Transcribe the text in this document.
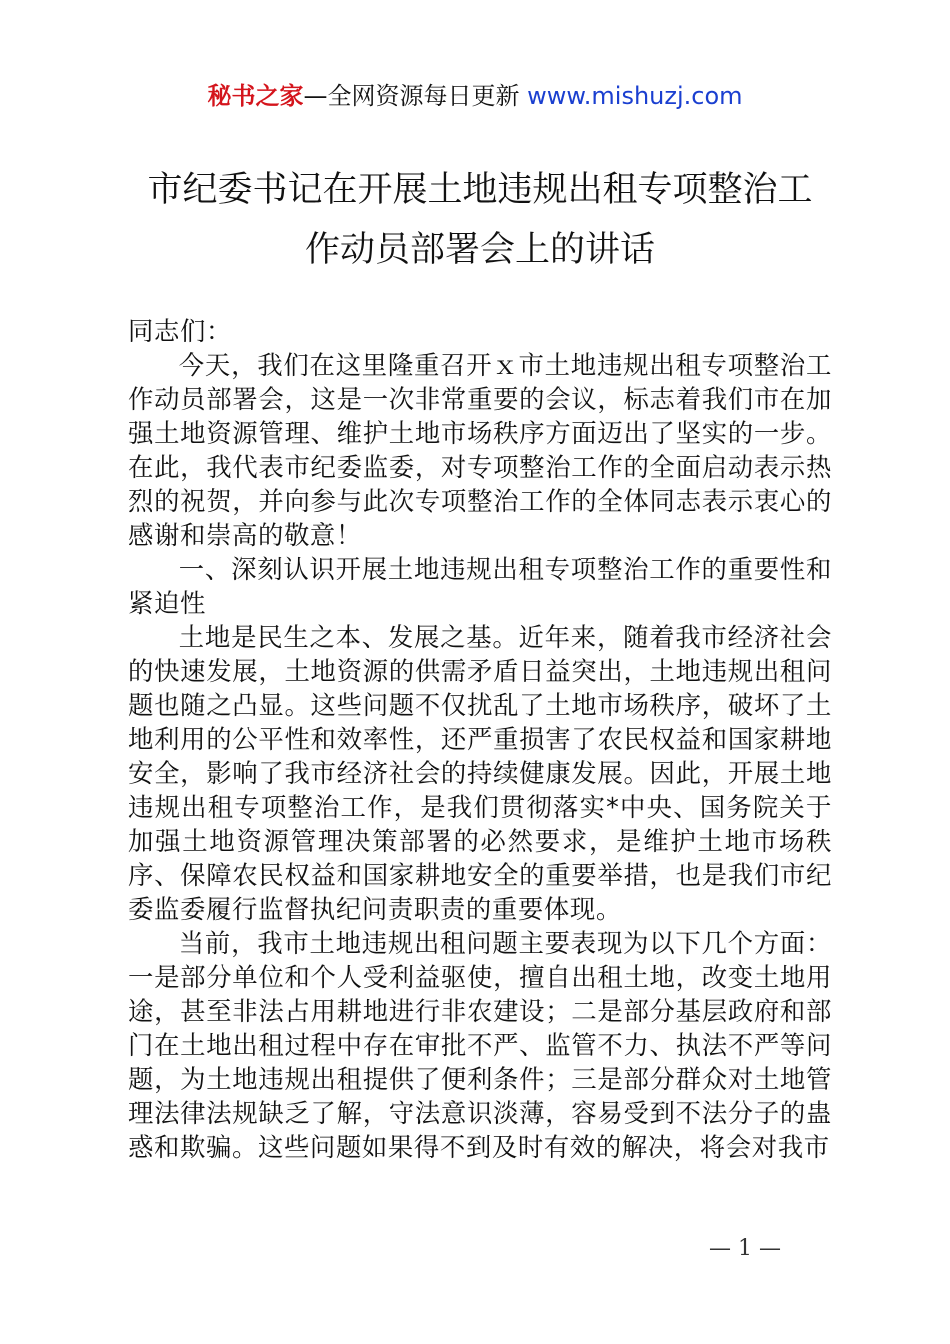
秘书之家—全网资源每日更新 www.mishuzj.com
市纪委书记在开展土地违规出租专项整治工
作动员部署会上的讲话

同志们：

今天，我们在这里隆重召开ｘ市土地违规出租专项整治工作动员部署会，这是一次非常重要的会议，标志着我们市在加强土地资源管理、维护土地市场秩序方面迈出了坚实的一步。在此，我代表市纪委监委，对专项整治工作的全面启动表示热烈的祝贺，并向参与此次专项整治工作的全体同志表示衷心的感谢和崇高的敬意！

一、深刻认识开展土地违规出租专项整治工作的重要性和紧迫性

土地是民生之本、发展之基。近年来，随着我市经济社会的快速发展，土地资源的供需矛盾日益突出，土地违规出租问题也随之凸显。这些问题不仅扰乱了土地市场秩序，破坏了土地利用的公平性和效率性，还严重损害了农民权益和国家耕地安全，影响了我市经济社会的持续健康发展。因此，开展土地违规出租专项整治工作，是我们贯彻落实*中央、国务院关于加强土地资源管理决策部署的必然要求，是维护土地市场秩序、保障农民权益和国家耕地安全的重要举措，也是我们市纪委监委履行监督执纪问责职责的重要体现。

当前，我市土地违规出租问题主要表现为以下几个方面：一是部分单位和个人受利益驱使，擅自出租土地，改变土地用途，甚至非法占用耕地进行非农建设；二是部分基层政府和部门在土地出租过程中存在审批不严、监管不力、执法不严等问题，为土地违规出租提供了便利条件；三是部分群众对土地管理法律法规缺乏了解，守法意识淡薄，容易受到不法分子的蛊惑和欺骗。这些问题如果得不到及时有效的解决，将会对我市

— 1 —
